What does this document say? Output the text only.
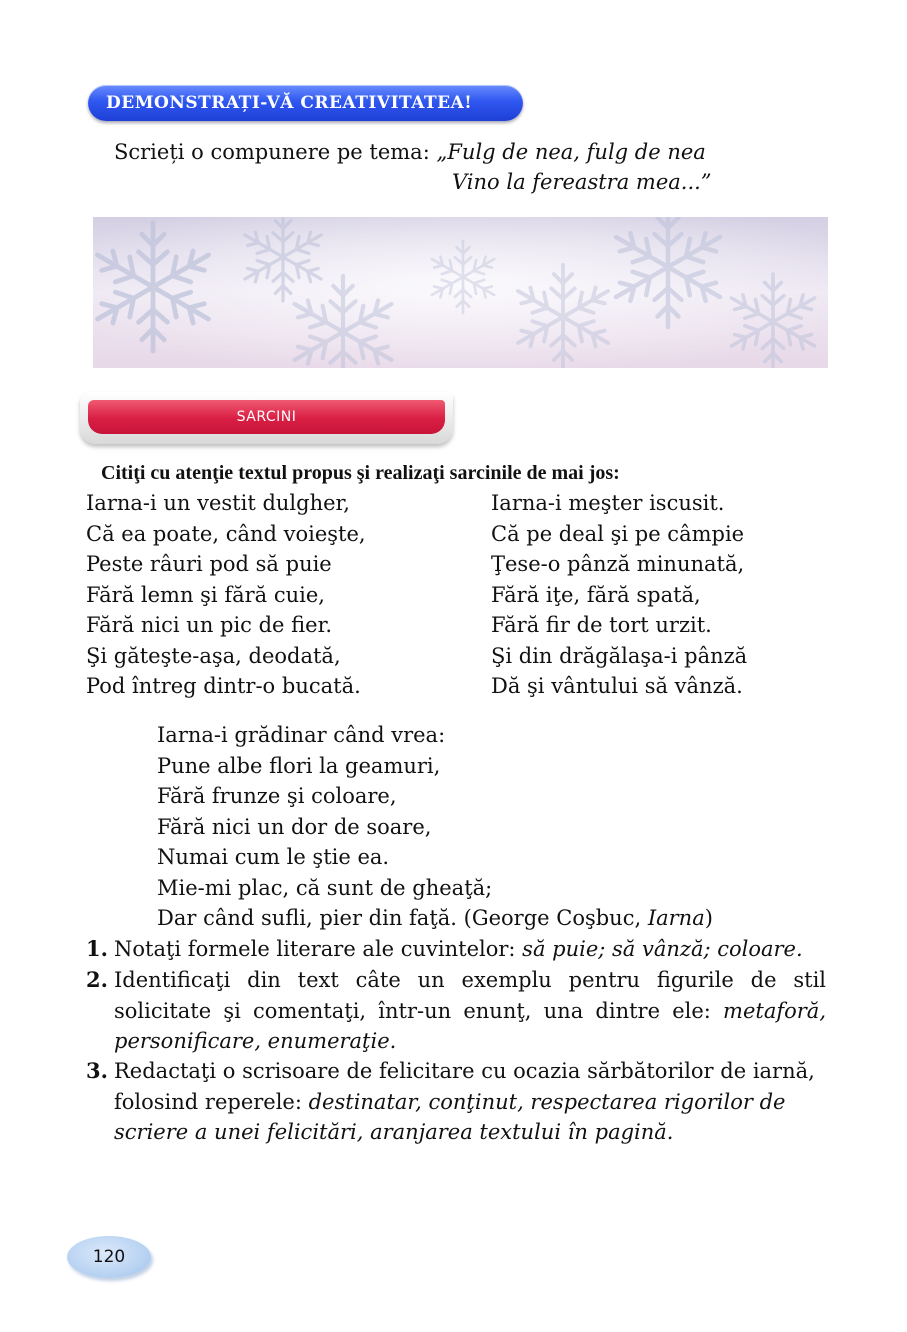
DEMONSTRAȚI-VĂ CREATIVITATEA!
Scrieți o compunere pe tema: „Fulg de nea, fulg de nea
Vino la fereastra mea...”
SARCINI
Citiţi cu atenţie textul propus şi realizaţi sarcinile de mai jos:
Iarna-i un vestit dulgher,
Că ea poate, când voieşte,
Peste râuri pod să puie
Fără lemn şi fără cuie,
Fără nici un pic de fier.
Şi găteşte-aşa, deodată,
Pod întreg dintr-o bucată.
Iarna-i meşter iscusit.
Că pe deal şi pe câmpie
Ţese-o pânză minunată,
Fără iţe, fără spată,
Fără fir de tort urzit.
Şi din drăgălaşa-i pânză
Dă şi vântului să vânză.
Iarna-i grădinar când vrea:
Pune albe flori la geamuri,
Fără frunze şi coloare,
Fără nici un dor de soare,
Numai cum le ştie ea.
Mie-mi plac, că sunt de gheaţă;
Dar când sufli, pier din faţă. (George Coşbuc, Iarna)
1. Notaţi formele literare ale cuvintelor: să puie; să vânză; coloare.
2. Identificaţi din text câte un exemplu pentru figurile de stil solicitate şi comentaţi, într-un enunţ, una dintre ele: metaforă, personificare, enumeraţie.
3. Redactaţi o scrisoare de felicitare cu ocazia sărbătorilor de iarnă, folosind reperele: destinatar, conţinut, respectarea rigorilor de scriere a unei felicitări, aranjarea textului în pagină.
120
